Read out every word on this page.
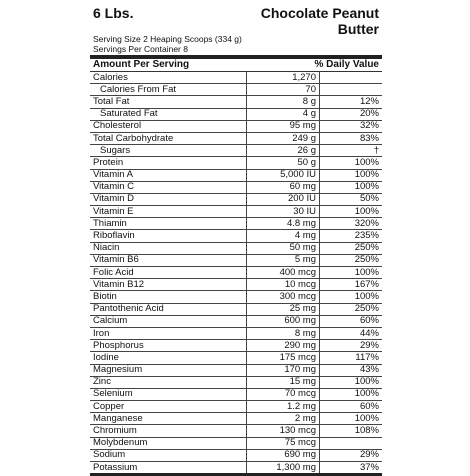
6 Lbs.	Chocolate Peanut Butter
Serving Size 2 Heaping Scoops (334 g)
Servings Per Container 8
Amount Per Serving	% Daily Value
Calories	1,270	
Calories From Fat	70	
Total Fat	8 g	12%
Saturated Fat	4 g	20%
Cholesterol	95 mg	32%
Total Carbohydrate	249 g	83%
Sugars	26 g	†
Protein	50 g	100%
Vitamin A	5,000 IU	100%
Vitamin C	60 mg	100%
Vitamin D	200 IU	50%
Vitamin E	30 IU	100%
Thiamin	4.8 mg	320%
Riboflavin	4 mg	235%
Niacin	50 mg	250%
Vitamin B6	5 mg	250%
Folic Acid	400 mcg	100%
Vitamin B12	10 mcg	167%
Biotin	300 mcg	100%
Pantothenic Acid	25 mg	250%
Calcium	600 mg	60%
Iron	8 mg	44%
Phosphorus	290 mg	29%
Iodine	175 mcg	117%
Magnesium	170 mg	43%
Zinc	15 mg	100%
Selenium	70 mcg	100%
Copper	1.2 mg	60%
Manganese	2 mg	100%
Chromium	130 mcg	108%
Molybdenum	75 mcg	
Sodium	690 mg	29%
Potassium	1,300 mg	37%
